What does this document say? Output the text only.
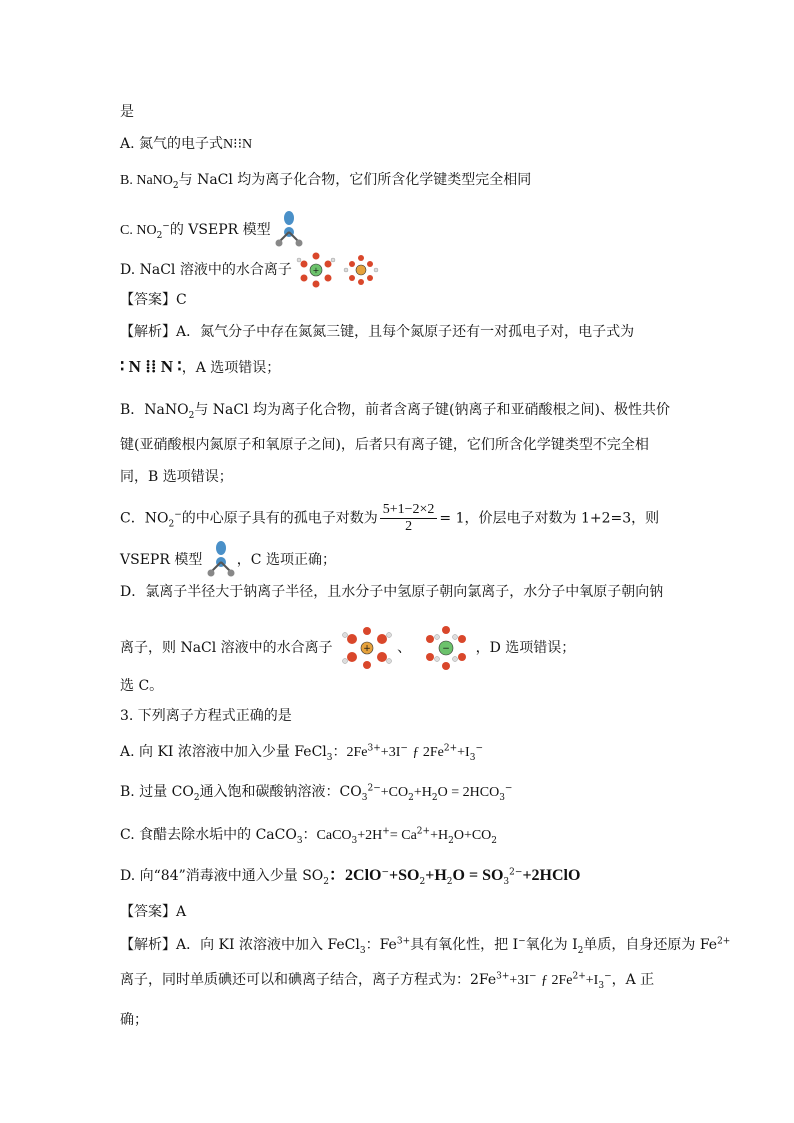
是
A. 氮气的电子式N⁝⁝N
B. NaNO$_2$与 NaCl 均为离子化合物，它们所含化学键类型完全相同
C. $NO_2^-$的 VSEPR 模型
D. NaCl 溶液中的水合离子	+
【答案】C
【解析】A．氮气分子中存在氮氮三键，且每个氮原子还有一对孤电子对，电子式为
∶ N ⁞⁞ N ∶，A 选项错误；
B．NaNO$_2$与 NaCl 均为离子化合物，前者含离子键(钠离子和亚硝酸根之间)、极性共价
键(亚硝酸根内氮原子和氧原子之间)，后者只有离子键，它们所含化学键类型不完全相
同，B 选项错误；
C．$NO_2^-$的中心原子具有的孤电子对数为 $\frac{5+1-2\times 2}{2} = 1$，价层电子对数为 1+2=3，则
VSEPR 模型 ，C 选项正确；
D．氯离子半径大于钠离子半径，且水分子中氢原子朝向氯离子，水分子中氧原子朝向钠
离子，则 NaCl 溶液中的水合离子	+ 、	− ，D 选项错误；
选 C。
3. 下列离子方程式正确的是
A. 向 KI 浓溶液中加入少量 FeCl$_3$：$2Fe^{3+}+3I^-$ ƒ $2Fe^{2+}+I_3^-$
B. 过量 $CO_2$通入饱和碳酸钠溶液：$CO_3^{2-}+CO_2+H_2O = 2HCO_3^-$
C. 食醋去除水垢中的 CaCO$_3$：CaCO$_3$+2H+= $Ca^{2+}+H_2O+CO_2$
D. 向“84”消毒液中通入少量 $SO_2$：$2ClO^-+SO_2+H_2O$ = $SO_3^{2-}+2HClO$
【答案】A
【解析】A．向 KI 浓溶液中加入 FeCl$_3$：$Fe^{3+}$具有氧化性，把 I−氧化为 $I_2$单质，自身还原为 $Fe^{2+}$
离子，同时单质碘还可以和碘离子结合，离子方程式为：$2Fe^{3+}+3I^-$ ƒ $2Fe^{2+}+I_3^-$，A 正
确；
